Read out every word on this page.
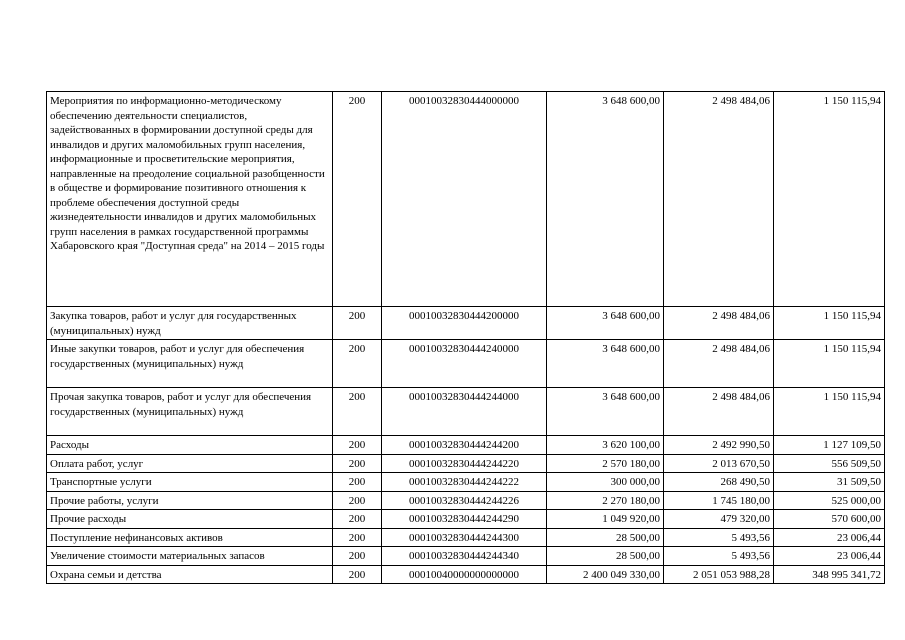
Мероприятия по информационно-методическому обеспечению деятельности специалистов, задействованных в формировании доступной среды для инвалидов и других маломобильных групп населения, информационные и просветительские мероприятия, направленные на преодоление социальной разобщенности в обществе и формирование позитивного отношения к проблеме обеспечения доступной среды жизнедеятельности инвалидов и других маломобильных групп населения в рамках государственной программы Хабаровского края "Доступная среда" на 2014 – 2015 годы	200	00010032830444000000	3 648 600,00	2 498 484,06	1 150 115,94
Закупка товаров, работ и услуг для государственных (муниципальных) нужд	200	00010032830444200000	3 648 600,00	2 498 484,06	1 150 115,94
Иные закупки товаров, работ и услуг для обеспечения государственных (муниципальных) нужд	200	00010032830444240000	3 648 600,00	2 498 484,06	1 150 115,94
Прочая закупка товаров, работ и услуг для обеспечения государственных (муниципальных) нужд	200	00010032830444244000	3 648 600,00	2 498 484,06	1 150 115,94
Расходы	200	00010032830444244200	3 620 100,00	2 492 990,50	1 127 109,50
Оплата работ, услуг	200	00010032830444244220	2 570 180,00	2 013 670,50	556 509,50
Транспортные услуги	200	00010032830444244222	300 000,00	268 490,50	31 509,50
Прочие работы, услуги	200	00010032830444244226	2 270 180,00	1 745 180,00	525 000,00
Прочие расходы	200	00010032830444244290	1 049 920,00	479 320,00	570 600,00
Поступление нефинансовых активов	200	00010032830444244300	28 500,00	5 493,56	23 006,44
Увеличение стоимости материальных запасов	200	00010032830444244340	28 500,00	5 493,56	23 006,44
Охрана семьи и детства	200	00010040000000000000	2 400 049 330,00	2 051 053 988,28	348 995 341,72
